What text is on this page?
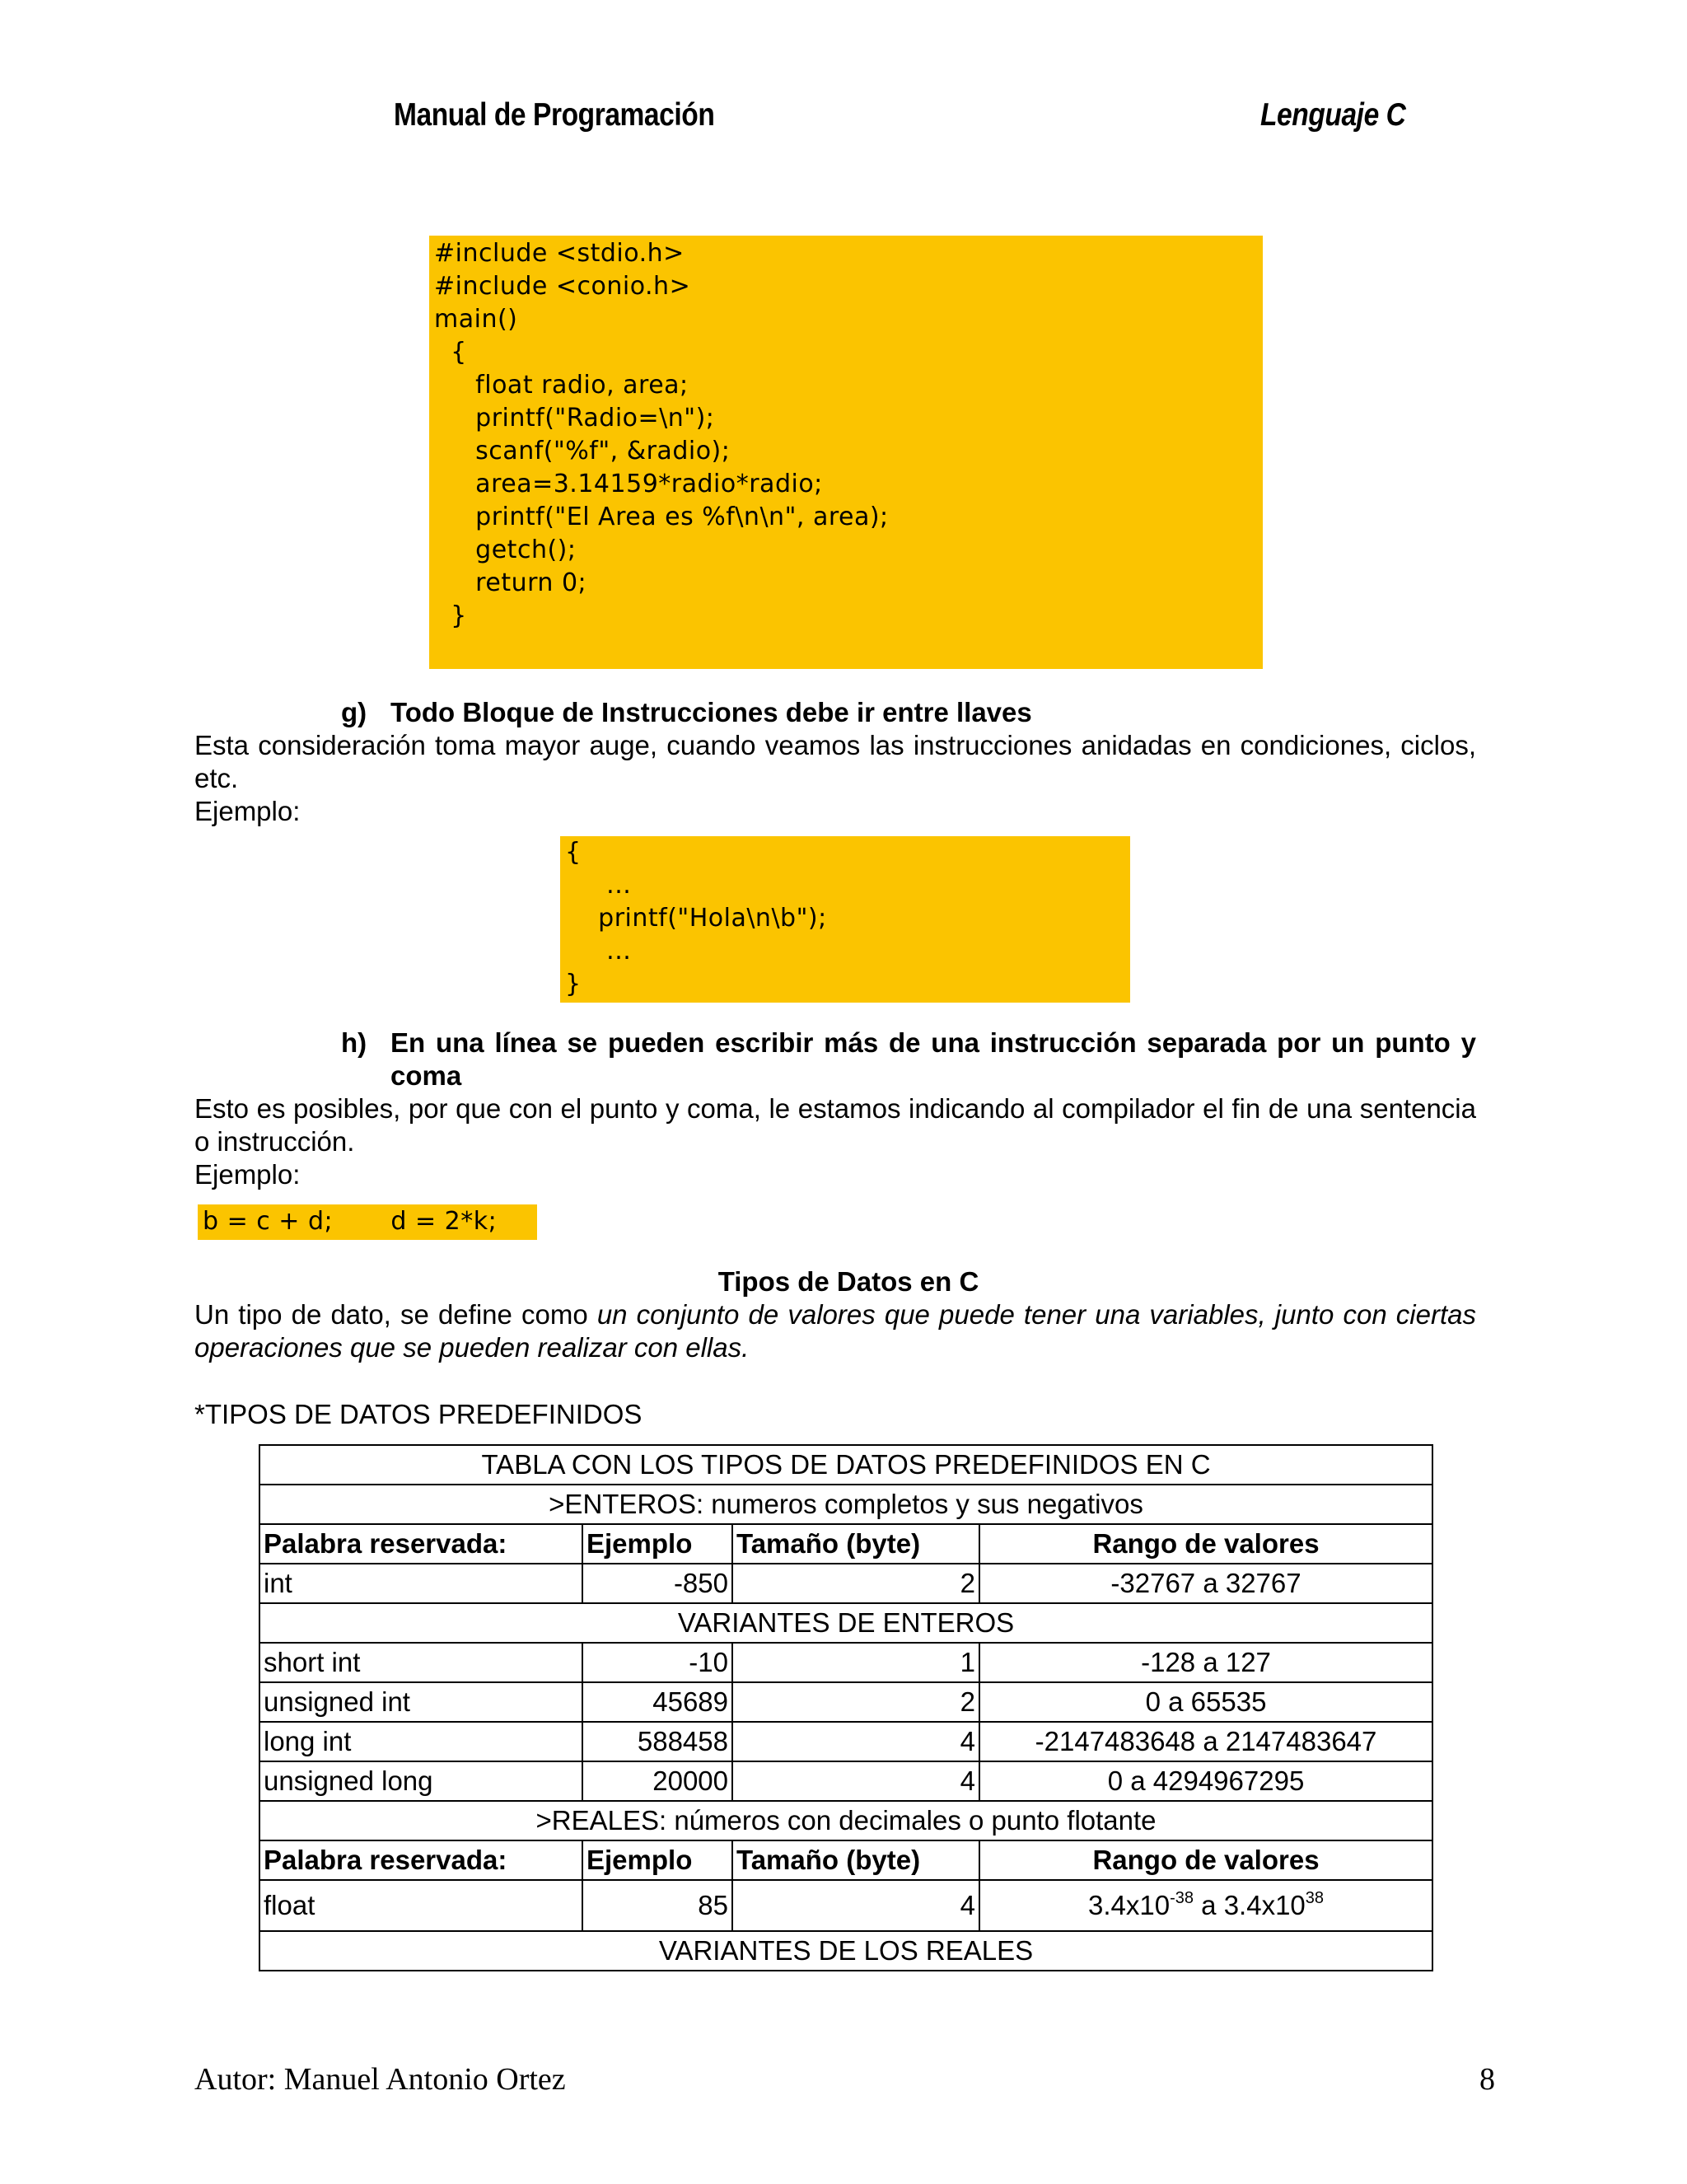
Manual de Programación	Lenguaje C
#include <stdio.h>
#include <conio.h>
main()
{
float radio, area;
printf("Radio=\n");
scanf("%f", &radio);
area=3.14159*radio*radio;
printf("El Area es %f\n\n", area);
getch();
return 0;
}
g) Todo Bloque de Instrucciones debe ir entre llaves
Esta consideración toma mayor auge, cuando veamos las instrucciones anidadas en condiciones, ciclos,
etc.
Ejemplo:
{
...
printf("Hola\n\b");
...
}
h) En una línea se pueden escribir más de una instrucción separada por un punto y
coma
Esto es posibles, por que con el punto y coma, le estamos indicando al compilador el fin de una sentencia
o instrucción.
Ejemplo:
b = c + d;       d = 2*k;
Tipos de Datos en C
Un tipo de dato, se define como un conjunto de valores que puede tener una variables, junto con ciertas
operaciones que se pueden realizar con ellas.
*TIPOS DE DATOS PREDEFINIDOS
TABLA CON LOS TIPOS DE DATOS PREDEFINIDOS EN C			
>ENTEROS: numeros completos y sus negativos			
Palabra reservada:	Ejemplo	Tamaño (byte)	Rango de valores
int	-850	2	-32767 a 32767
VARIANTES DE ENTEROS			
short int	-10	1	-128 a 127
unsigned int	45689	2	0 a 65535
long int	588458	4	-2147483648 a 2147483647
unsigned long	20000	4	0 a 4294967295
>REALES: números con decimales o punto flotante			
Palabra reservada:	Ejemplo	Tamaño (byte)	Rango de valores
float	85	4	$3.4x10^{-38}$ a $3.4x10^{38}$
VARIANTES DE LOS REALES			
Autor: Manuel Antonio Ortez	8
